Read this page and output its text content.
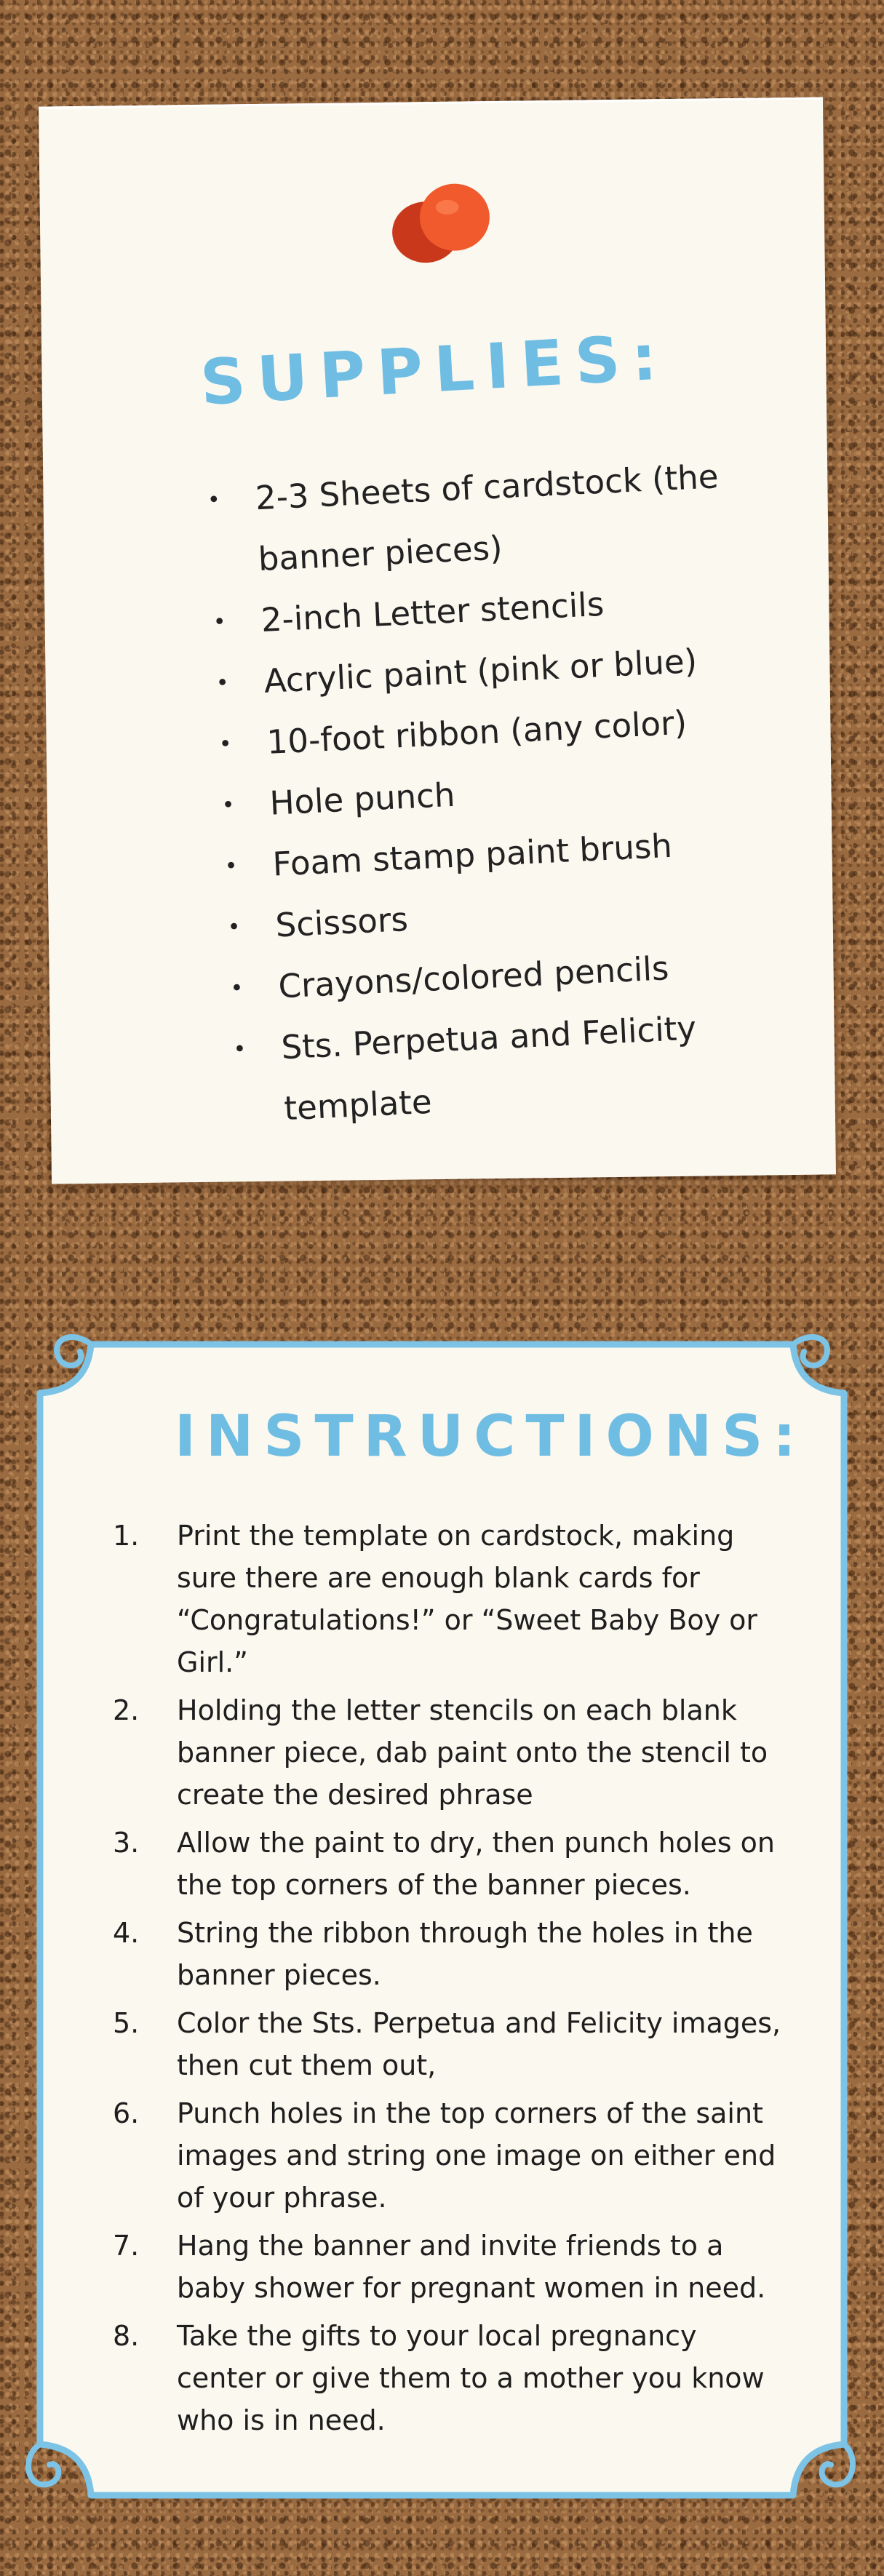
SUPPLIES:
• 2-3 Sheets of cardstock (the banner pieces)
• 2-inch Letter stencils
• Acrylic paint (pink or blue)
• 10-foot ribbon (any color)
• Hole punch
• Foam stamp paint brush
• Scissors
• Crayons/colored pencils
• Sts. Perpetua and Felicity template
INSTRUCTIONS:
1. Print the template on cardstock, making sure there are enough blank cards for “Congratulations!” or “Sweet Baby Boy or Girl.”
2. Holding the letter stencils on each blank banner piece, dab paint onto the stencil to create the desired phrase
3. Allow the paint to dry, then punch holes on the top corners of the banner pieces.
4. String the ribbon through the holes in the banner pieces.
5. Color the Sts. Perpetua and Felicity images, then cut them out,
6. Punch holes in the top corners of the saint images and string one image on either end of your phrase.
7. Hang the banner and invite friends to a baby shower for pregnant women in need.
8. Take the gifts to your local pregnancy center or give them to a mother you know who is in need.
